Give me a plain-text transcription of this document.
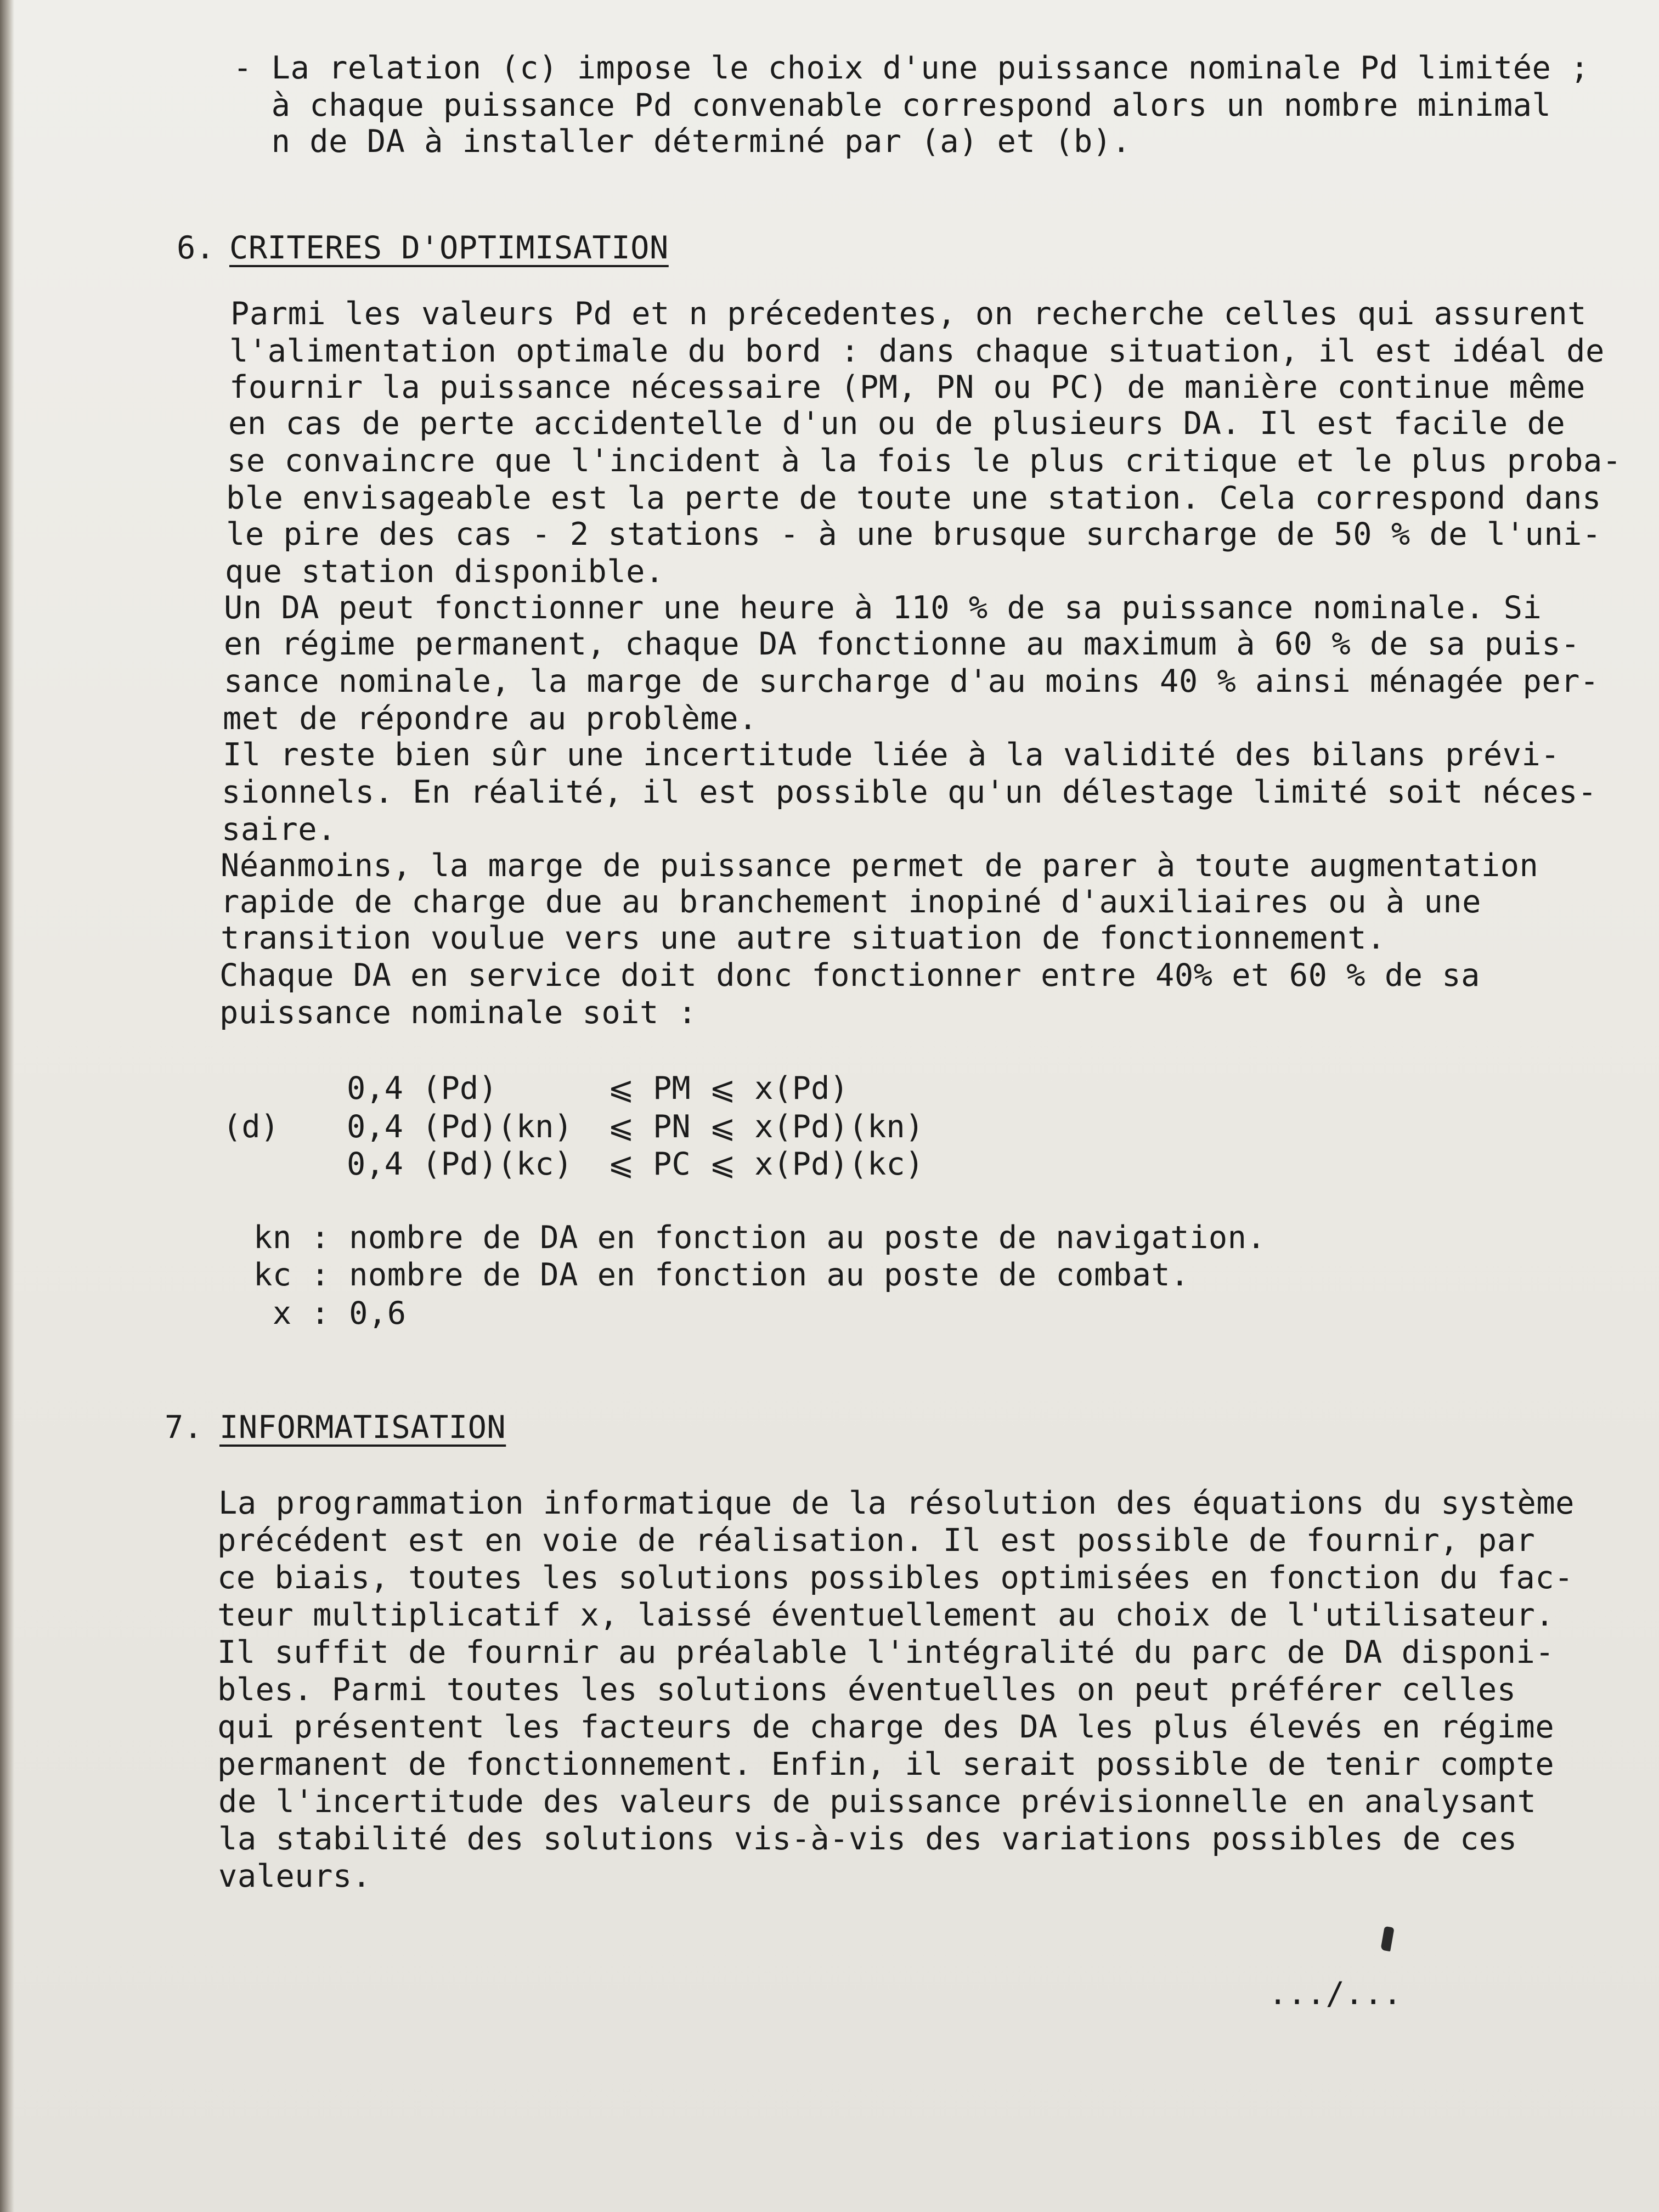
- La relation (c) impose le choix d'une puissance nominale Pd limitée ;
à chaque puissance Pd convenable correspond alors un nombre minimal
n de DA à installer déterminé par (a) et (b).
6. CRITERES D'OPTIMISATION
Parmi les valeurs Pd et n précedentes, on recherche celles qui assurent
l'alimentation optimale du bord : dans chaque situation, il est idéal de
fournir la puissance nécessaire (PM, PN ou PC) de manière continue même
en cas de perte accidentelle d'un ou de plusieurs DA. Il est facile de
se convaincre que l'incident à la fois le plus critique et le plus proba-
ble envisageable est la perte de toute une station. Cela correspond dans
le pire des cas - 2 stations - à une brusque surcharge de 50 % de l'uni-
que station disponible.
Un DA peut fonctionner une heure à 110 % de sa puissance nominale. Si
en régime permanent, chaque DA fonctionne au maximum à 60 % de sa puis-
sance nominale, la marge de surcharge d'au moins 40 % ainsi ménagée per-
met de répondre au problème.
Il reste bien sûr une incertitude liée à la validité des bilans prévi-
sionnels. En réalité, il est possible qu'un délestage limité soit néces-
saire.
Néanmoins, la marge de puissance permet de parer à toute augmentation
rapide de charge due au branchement inopiné d'auxiliaires ou à une
transition voulue vers une autre situation de fonctionnement.
Chaque DA en service doit donc fonctionner entre 40% et 60 % de sa
puissance nominale soit :
(d)
0,4 (Pd)	⩽ PM ⩽ x(Pd)
0,4 (Pd)(kn) ⩽ PN ⩽ x(Pd)(kn)
0,4 (Pd)(kc) ⩽ PC ⩽ x(Pd)(kc)
kn : nombre de DA en fonction au poste de navigation.
kc : nombre de DA en fonction au poste de combat.
x : 0,6
7. INFORMATISATION
La programmation informatique de la résolution des équations du système
précédent est en voie de réalisation. Il est possible de fournir, par
ce biais, toutes les solutions possibles optimisées en fonction du fac-
teur multiplicatif x, laissé éventuellement au choix de l'utilisateur.
Il suffit de fournir au préalable l'intégralité du parc de DA disponi-
bles. Parmi toutes les solutions éventuelles on peut préférer celles
qui présentent les facteurs de charge des DA les plus élevés en régime
permanent de fonctionnement. Enfin, il serait possible de tenir compte
de l'incertitude des valeurs de puissance prévisionnelle en analysant
la stabilité des solutions vis-à-vis des variations possibles de ces
valeurs.
.../...
